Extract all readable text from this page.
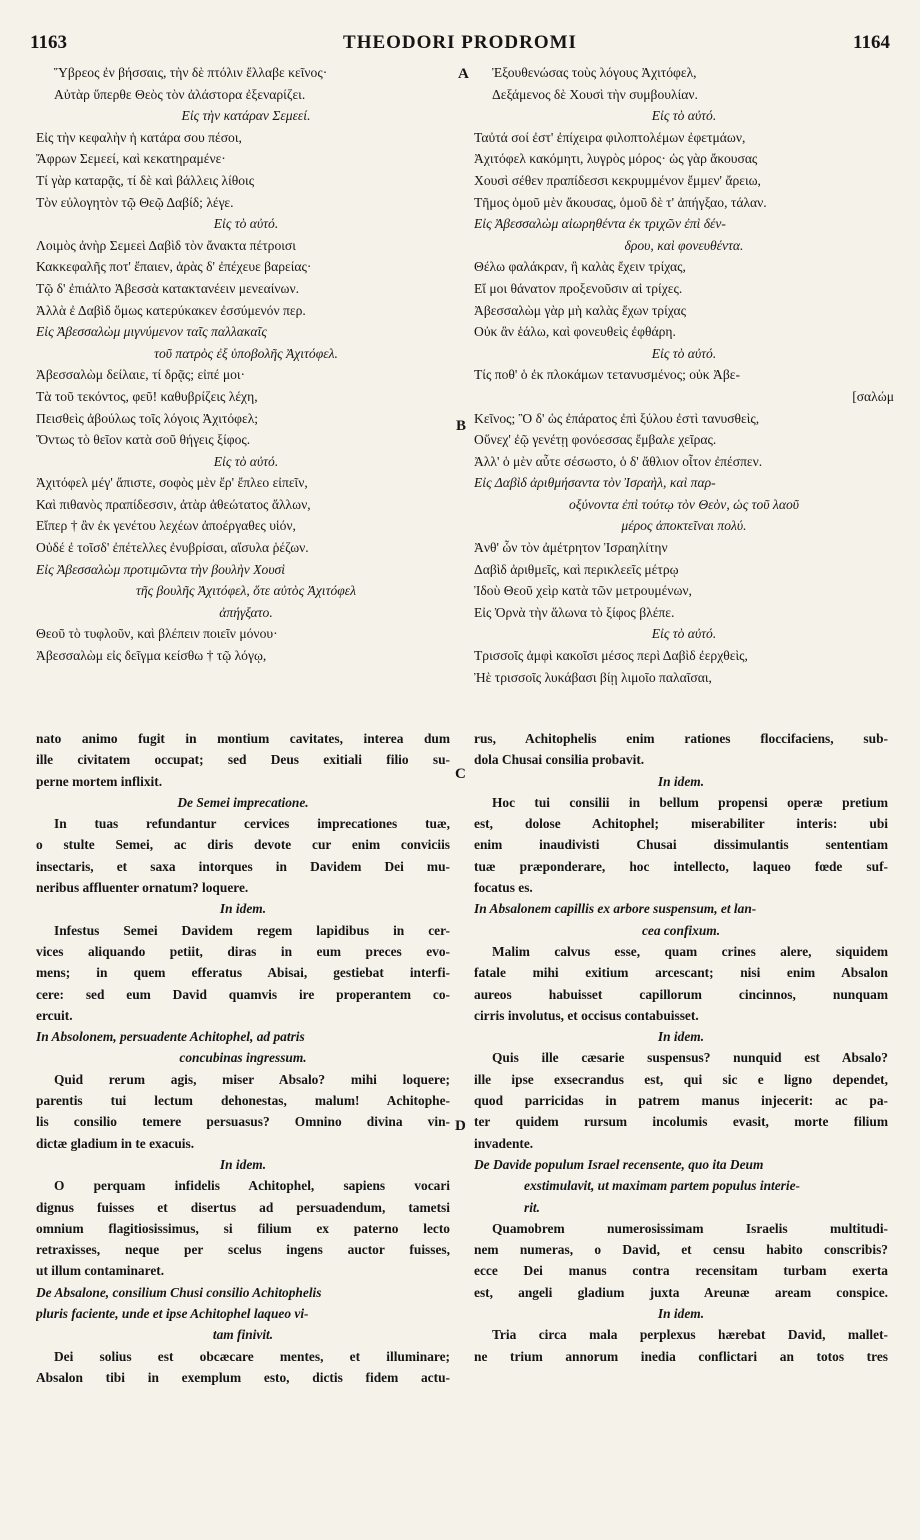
1163	THEODORI PRODROMI	1164
A
B
C
D
Ὕβρεος ἐν βήσσαις, τὴν δὲ πτόλιν ἔλλαβε κεῖνος·
Αὐτὰρ ὕπερθε Θεὸς τὸν ἀλάστορα ἐξεναρίζει.
Εἰς τὴν κατάραν Σεμεεί.
Εἰς τὴν κεφαλὴν ἡ κατάρα σου πέσοι,
Ἄφρων Σεμεεί, καὶ κεκατηραμένε·
Τί γὰρ καταρᾷς, τί δὲ καὶ βάλλεις λίθοις
Τὸν εὐλογητὸν τῷ Θεῷ Δαβίδ; λέγε.
Εἰς τὸ αὐτό.
Λοιμὸς ἀνὴρ Σεμεεὶ Δαβὶδ τὸν ἄνακτα πέτροισι
Κακκεφαλῆς ποτ' ἔπαιεν, ἀρὰς δ' ἐπέχευε βαρείας·
Τῷ δ' ἐπιάλτο Ἀβεσσὰ κατακτανέειν μενεαίνων.
Ἀλλὰ ἐ Δαβὶδ ὅμως κατερύκακεν ἐσσύμενόν περ.
Εἰς Ἀβεσσαλὼμ μιγνύμενον ταῖς παλλακαῖς
τοῦ πατρὸς ἐξ ὑποβολῆς Ἀχιτόφελ.
Ἀβεσσαλὼμ δείλαιε, τί δρᾷς; εἰπέ μοι·
Τὰ τοῦ τεκόντος, φεῦ! καθυβρίζεις λέχη,
Πεισθεὶς ἀβούλως τοῖς λόγοις Ἀχιτόφελ;
Ὄντως τὸ θεῖον κατὰ σοῦ θήγεις ξίφος.
Εἰς τὸ αὐτό.
Ἀχιτόφελ μέγ' ἄπιστε, σοφὸς μὲν ἔρ' ἔπλεο εἰπεῖν,
Καὶ πιθανὸς πραπίδεσσιν, ἀτὰρ ἀθεώτατος ἄλλων,
Εἴπερ † ἂν ἐκ γενέτου λεχέων ἀποέργαθες υἱόν,
Οὐδέ ἐ τοῖσδ' ἐπέτελλες ἐνυβρίσαι, αἴσυλα ῥέζων.
Εἰς Ἀβεσσαλὼμ προτιμῶντα τὴν βουλὴν Χουσὶ
τῆς βουλῆς Ἀχιτόφελ, ὅτε αὐτὸς Ἀχιτόφελ
ἀπήγξατο.
Θεοῦ τὸ τυφλοῦν, καὶ βλέπειν ποιεῖν μόνου·
Ἀβεσσαλὼμ εἰς δεῖγμα κείσθω † τῷ λόγῳ,
Ἐξουθενώσας τοὺς λόγους Ἀχιτόφελ,
Δεξάμενος δὲ Χουσὶ τὴν συμβουλίαν.
Εἰς τὸ αὐτό.
Ταὐτά σοί ἐστ' ἐπίχειρα φιλοπτολέμων ἐφετμάων,
Ἀχιτόφελ κακόμητι, λυγρὸς μόρος· ὡς γὰρ ἄκουσας
Χουσὶ σέθεν πραπίδεσσι κεκρυμμένον ἔμμεν' ἄρειω,
Τῆμος ὁμοῦ μὲν ἄκουσας, ὁμοῦ δὲ τ' ἀπήγξαο, τάλαν.
Εἰς Ἀβεσσαλὼμ αἰωρηθέντα ἐκ τριχῶν ἐπὶ δέν-
δρου, καὶ φονευθέντα.
Θέλω φαλάκραν, ἢ καλὰς ἔχειν τρίχας,
Εἴ μοι θάνατον προξενοῦσιν αἱ τρίχες.
Ἀβεσσαλὼμ γὰρ μὴ καλὰς ἔχων τρίχας
Οὐκ ἂν ἑάλω, καὶ φονευθεὶς ἐφθάρη.
Εἰς τὸ αὐτό.
Τίς ποθ' ὁ ἐκ πλοκάμων τετανυσμένος; οὐκ Ἀβε-
[σαλώμ
Κεῖνος; Ὃ δ' ὡς ἐπάρατος ἐπὶ ξύλου ἐστὶ τανυσθεὶς,
Οὕνεχ' ἐῷ γενέτῃ φονόεσσας ἔμβαλε χεῖρας.
Ἀλλ' ὁ μὲν αὖτε σέσωστο, ὁ δ' ἄθλιον οἶτον ἐπέσπεν.
Εἰς Δαβὶδ ἀριθμήσαντα τὸν Ἰσραὴλ, καὶ παρ-
οξύνοντα ἐπὶ τούτῳ τὸν Θεὸν, ὡς τοῦ λαοῦ
μέρος ἀποκτεῖναι πολύ.
Ἀνθ' ὧν τὸν ἀμέτρητον Ἰσραηλίτην
Δαβὶδ ἀριθμεῖς, καὶ περικλεεῖς μέτρῳ
Ἰδοὺ Θεοῦ χεὶρ κατὰ τῶν μετρουμένων,
Εἰς Ὀρνὰ τὴν ἅλωνα τὸ ξίφος βλέπε.
Εἰς τὸ αὐτό.
Τρισσοῖς ἀμφὶ κακοῖσι μέσος περὶ Δαβὶδ ἐερχθεὶς,
Ἠὲ τρισσοῖς λυκάβασι βίῃ λιμοῖο παλαῖσαι,
nato animo fugit in montium cavitates, interea dum
ille civitatem occupat; sed Deus exitiali filio su-
perne mortem inflixit.
De Semei imprecatione.
In tuas refundantur cervices imprecationes tuæ,
o stulte Semei, ac diris devote cur enim conviciis
insectaris, et saxa intorques in Davidem Dei mu-
neribus affluenter ornatum? loquere.
In idem.
Infestus Semei Davidem regem lapidibus in cer-
vices aliquando petiit, diras in eum preces evo-
mens; in quem efferatus Abisai, gestiebat interfi-
cere: sed eum David quamvis ire properantem co-
ercuit.
In Absolonem, persuadente Achitophel, ad patris
concubinas ingressum.
Quid rerum agis, miser Absalo? mihi loquere;
parentis tui lectum dehonestas, malum! Achitophe-
lis consilio temere persuasus? Omnino divina vin-
dictæ gladium in te exacuis.
In idem.
O perquam infidelis Achitophel, sapiens vocari
dignus fuisses et disertus ad persuadendum, tametsi
omnium flagitiosissimus, si filium ex paterno lecto
retraxisses, neque per scelus ingens auctor fuisses,
ut illum contaminaret.
De Absalone, consilium Chusi consilio Achitophelis
pluris faciente, unde et ipse Achitophel laqueo vi-
tam finivit.
Dei solius est obcæcare mentes, et illuminare;
Absalon tibi in exemplum esto, dictis fidem actu-
rus, Achitophelis enim rationes floccifaciens, sub-
dola Chusai consilia probavit.
In idem.
Hoc tui consilii in bellum propensi operæ pretium
est, dolose Achitophel; miserabiliter interis: ubi
enim inaudivisti Chusai dissimulantis sententiam
tuæ præponderare, hoc intellecto, laqueo fœde suf-
focatus es.
In Absalonem capillis ex arbore suspensum, et lan-
cea confixum.
Malim calvus esse, quam crines alere, siquidem
fatale mihi exitium arcescant; nisi enim Absalon
aureos habuisset capillorum cincinnos, nunquam
cirris involutus, et occisus contabuisset.
In idem.
Quis ille cæsarie suspensus? nunquid est Absalo?
ille ipse exsecrandus est, qui sic e ligno dependet,
quod parricidas in patrem manus injecerit: ac pa-
ter quidem rursum incolumis evasit, morte filium
invadente.
De Davide populum Israel recensente, quo ita Deum
exstimulavit, ut maximam partem populus interie-
rit.
Quamobrem numerosissimam Israelis multitudi-
nem numeras, o David, et censu habito conscribis?
ecce Dei manus contra recensitam turbam exerta
est, angeli gladium juxta Areunæ aream conspice.
In idem.
Tria circa mala perplexus hærebat David, mallet-
ne trium annorum inedia conflictari an totos tres
